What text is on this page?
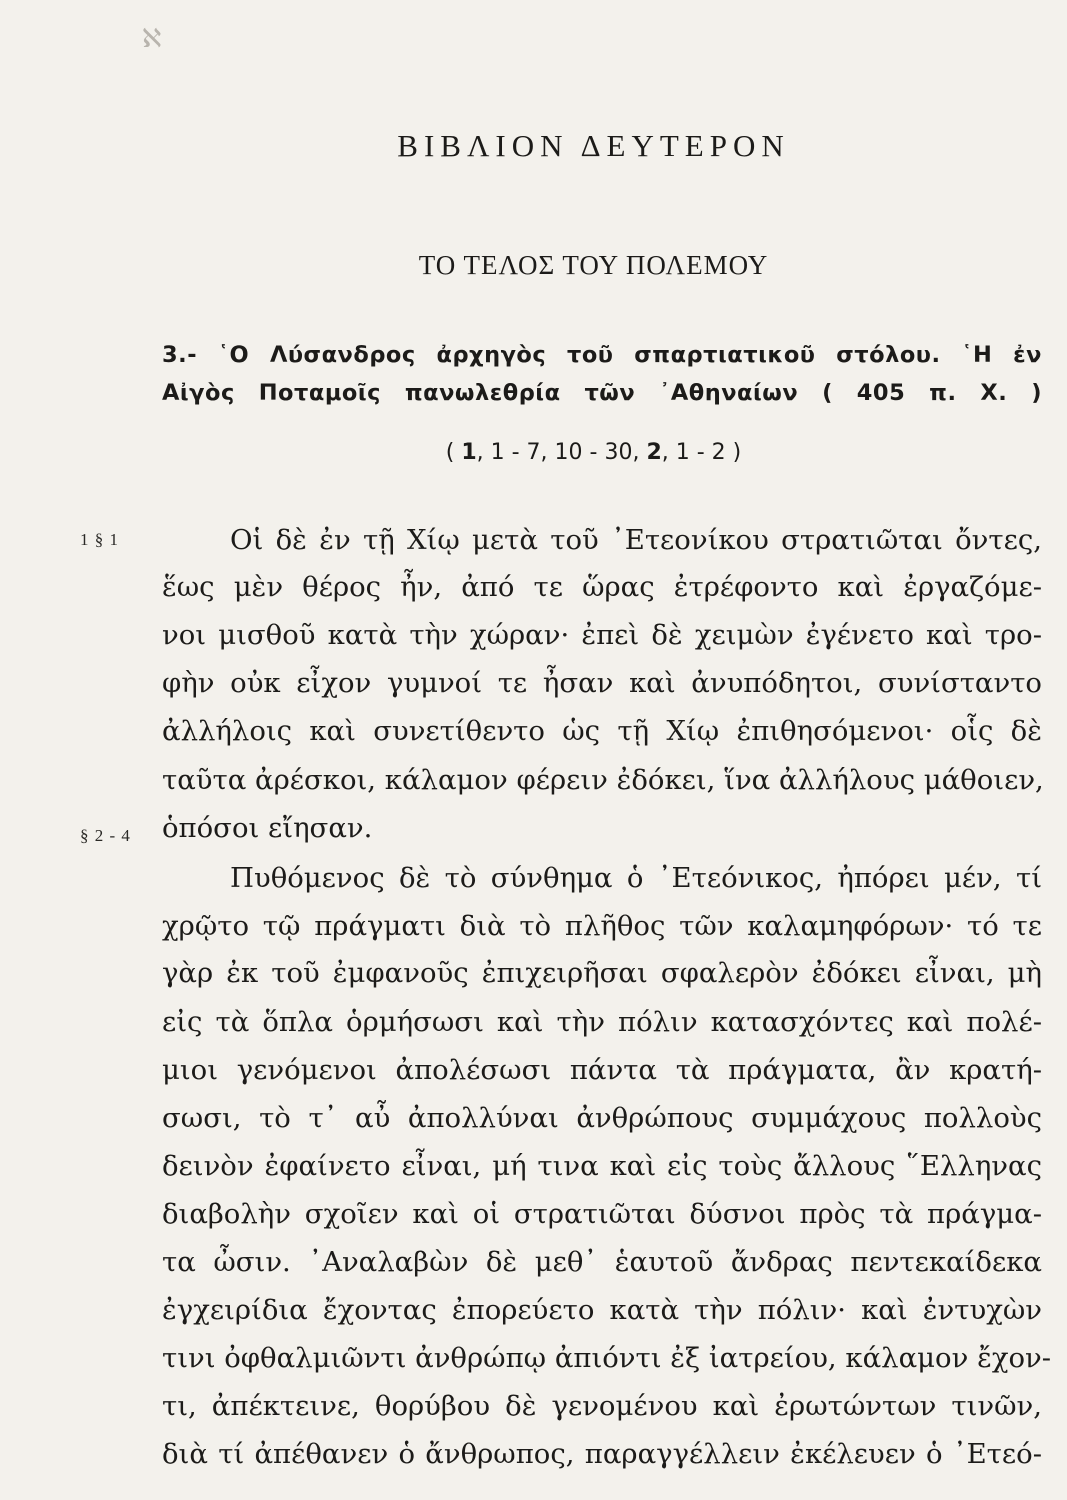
ℵ
ΒΙΒΛΙΟΝ ΔΕΥΤΕΡΟΝ
ΤΟ ΤΕΛΟΣ ΤΟΥ ΠΟΛΕΜΟΥ
3.- ῾Ο Λύσανδρος ἀρχηγὸς τοῦ σπαρτιατικοῦ στόλου. ῾Η ἐν
Αἰγὸς Ποταμοῖς πανωλεθρία τῶν ᾿Αθηναίων ( 405 π. Χ. )
( 1, 1 - 7, 10 - 30, 2, 1 - 2 )
1 § 1
§ 2 - 4
Οἱ δὲ ἐν τῇ Χίῳ μετὰ τοῦ ᾿Ετεονίκου στρατιῶται ὄντες,
ἕως μὲν θέρος ἦν, ἀπό τε ὥρας ἐτρέφοντο καὶ ἐργαζόμε-
νοι μισθοῦ κατὰ τὴν χώραν· ἐπεὶ δὲ χειμὼν ἐγένετο καὶ τρο-
φὴν οὐκ εἶχον γυμνοί τε ἦσαν καὶ ἀνυπόδητοι, συνίσταντο
ἀλλήλοις καὶ συνετίθεντο ὡς τῇ Χίῳ ἐπιθησόμενοι· οἷς δὲ
ταῦτα ἀρέσκοι, κάλαμον φέρειν ἐδόκει, ἵνα ἀλλήλους μάθοιεν,
ὁπόσοι εἴησαν.
Πυθόμενος δὲ τὸ σύνθημα ὁ ᾿Ετεόνικος, ἠπόρει μέν, τί
χρῷτο τῷ πράγματι διὰ τὸ πλῆθος τῶν καλαμηφόρων· τό τε
γὰρ ἐκ τοῦ ἐμφανοῦς ἐπιχειρῆσαι σφαλερὸν ἐδόκει εἶναι, μὴ
εἰς τὰ ὅπλα ὁρμήσωσι καὶ τὴν πόλιν κατασχόντες καὶ πολέ-
μιοι γενόμενοι ἀπολέσωσι πάντα τὰ πράγματα, ἂν κρατή-
σωσι, τὸ τ᾿ αὖ ἀπολλύναι ἀνθρώπους συμμάχους πολλοὺς
δεινὸν ἐφαίνετο εἶναι, μή τινα καὶ εἰς τοὺς ἄλλους ῞Ελληνας
διαβολὴν σχοῖεν καὶ οἱ στρατιῶται δύσνοι πρὸς τὰ πράγμα-
τα ὦσιν. ᾿Αναλαβὼν δὲ μεθ᾿ ἑαυτοῦ ἄνδρας πεντεκαίδεκα
ἐγχειρίδια ἔχοντας ἐπορεύετο κατὰ τὴν πόλιν· καὶ ἐντυχὼν
τινι ὀφθαλμιῶντι ἀνθρώπῳ ἀπιόντι ἐξ ἰατρείου, κάλαμον ἔχον-
τι, ἀπέκτεινε, θορύβου δὲ γενομένου καὶ ἐρωτώντων τινῶν,
διὰ τί ἀπέθανεν ὁ ἄνθρωπος, παραγγέλλειν ἐκέλευεν ὁ ᾿Ετεό-
